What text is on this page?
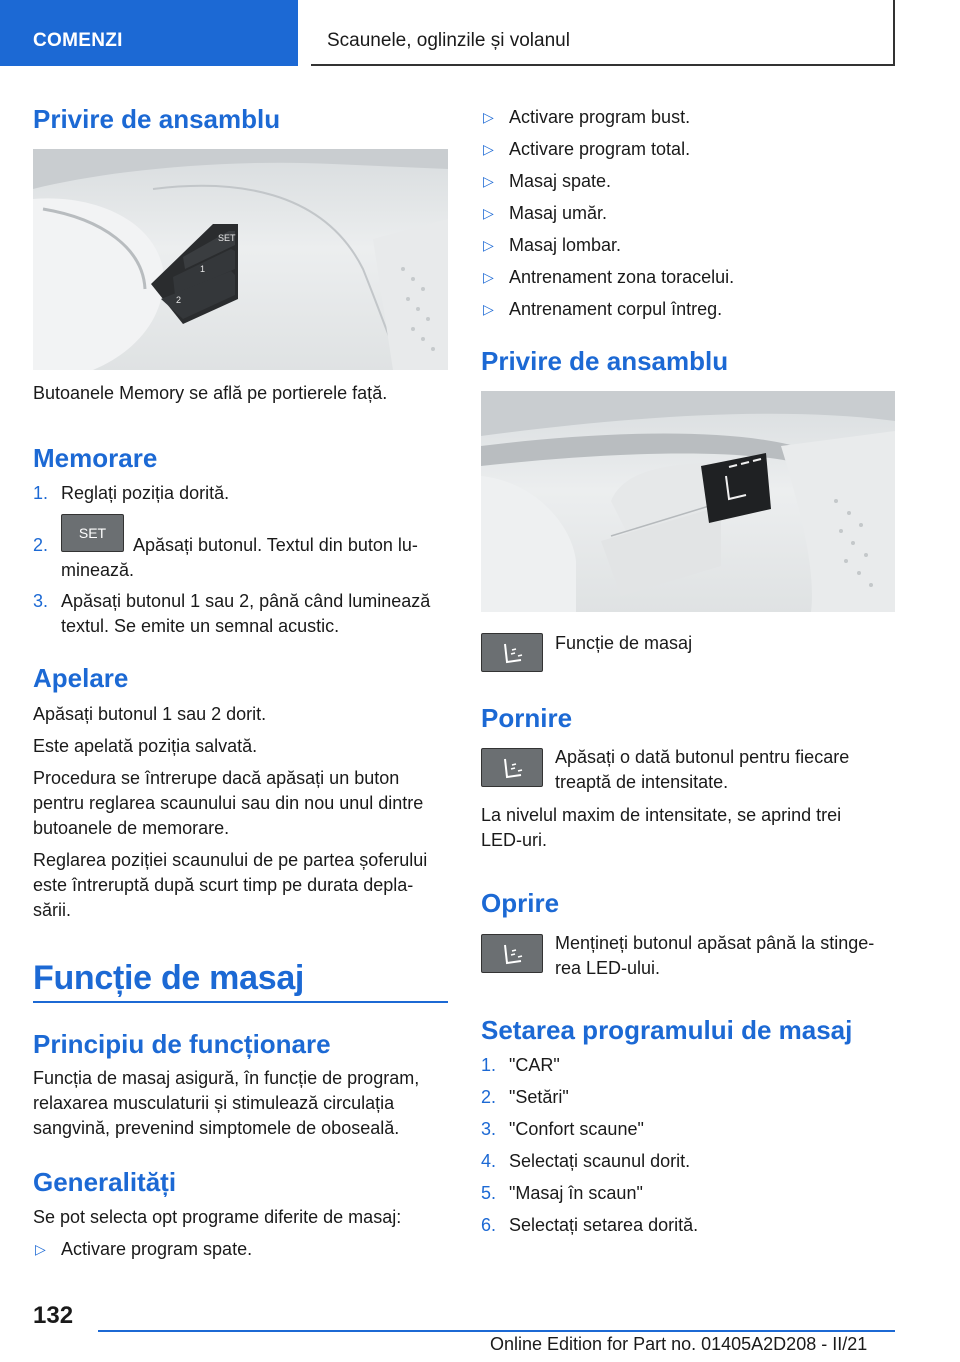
COMENZI	Scaunele, oglinzile și volanul
Privire de ansamblu
SET
1
2
Butoanele Memory se află pe portierele față.
Memorare
1. Reglați poziția dorită.
2.
SET
Apăsați butonul. Textul din buton lu-
minează.
3. Apăsați butonul 1 sau 2, până când luminează
textul. Se emite un semnal acustic.
Apelare
Apăsați butonul 1 sau 2 dorit.
Este apelată poziția salvată.
Procedura se întrerupe dacă apăsați un buton
pentru reglarea scaunului sau din nou unul dintre
butoanele de memorare.
Reglarea poziției scaunului de pe partea șoferului
este întreruptă după scurt timp pe durata depla-
sării.
Funcție de masaj
Principiu de funcționare
Funcția de masaj asigură, în funcție de program,
relaxarea musculaturii și stimulează circulația
sangvină, prevenind simptomele de oboseală.
Generalități
Se pot selecta opt programe diferite de masaj:
▷ Activare program spate.
▷ Activare program bust.
▷ Activare program total.
▷ Masaj spate.
▷ Masaj umăr.
▷ Masaj lombar.
▷ Antrenament zona toracelui.
▷ Antrenament corpul întreg.
Privire de ansamblu
Funcție de masaj
Pornire
Apăsați o dată butonul pentru fiecare
treaptă de intensitate.
La nivelul maxim de intensitate, se aprind trei
LED-uri.
Oprire
Mențineți butonul apăsat până la stinge-
rea LED-ului.
Setarea programului de masaj
1. "CAR"
2. "Setări"
3. "Confort scaune"
4. Selectați scaunul dorit.
5. "Masaj în scaun"
6. Selectați setarea dorită.
132
Online Edition for Part no. 01405A2D208 - II/21
